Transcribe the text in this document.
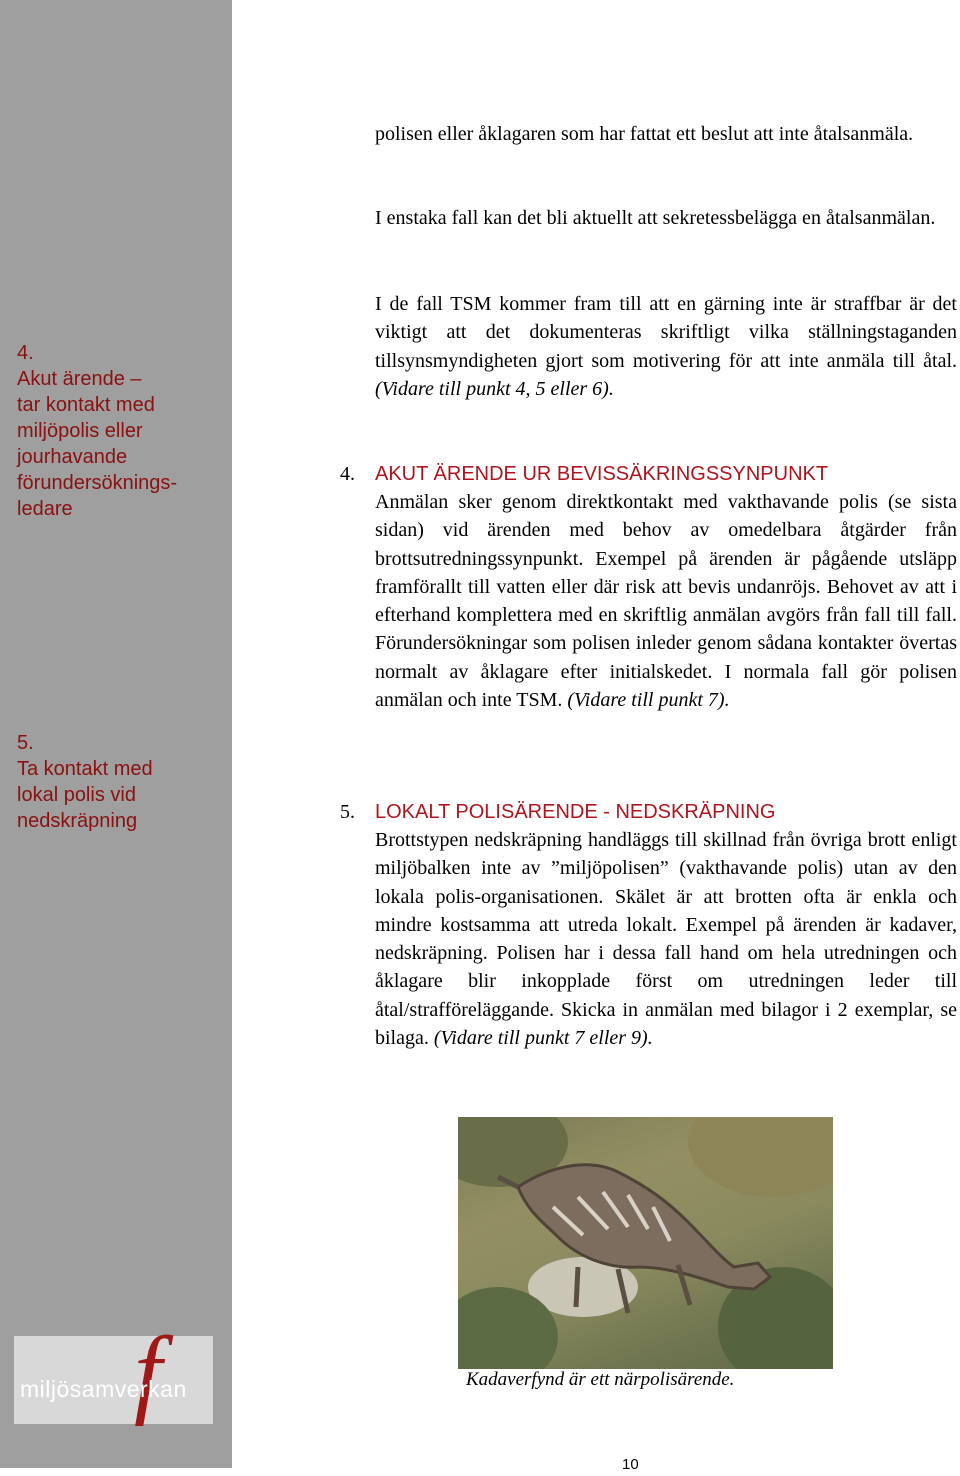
4.
Akut ärende –
tar kontakt med
miljöpolis eller
jourhavande
förundersöknings-
ledare
5.
Ta kontakt med
lokal polis vid
nedskräpning
f
miljösamverkan

polisen eller åklagaren som har fattat ett beslut att inte åtalsanmäla.

I enstaka fall kan det bli aktuellt att sekretessbelägga en åtalsanmälan.

I de fall TSM kommer fram till att en gärning inte är straffbar är det viktigt att det dokumenteras skriftligt vilka ställningstaganden tillsynsmyndigheten gjort som motivering för att inte anmäla till åtal. (Vidare till punkt 4, 5 eller 6).

4. AKUT ÄRENDE UR BEVISSÄKRINGSSYNPUNKT

Anmälan sker genom direktkontakt med vakthavande polis (se sista sidan) vid ärenden med behov av omedelbara åtgärder från brottsutredningssynpunkt. Exempel på ärenden är pågående utsläpp framförallt till vatten eller där risk att bevis undanröjs. Behovet av att i efterhand komplettera med en skriftlig anmälan avgörs från fall till fall. Förundersökningar som polisen inleder genom sådana kontakter övertas normalt av åklagare efter initialskedet. I normala fall gör polisen anmälan och inte TSM. (Vidare till punkt 7).

5. LOKALT POLISÄRENDE - NEDSKRÄPNING

Brottstypen nedskräpning handläggs till skillnad från övriga brott enligt miljöbalken inte av ”miljöpolisen” (vakthavande polis) utan av den lokala polis-organisationen. Skälet är att brotten ofta är enkla och mindre kostsamma att utreda lokalt. Exempel på ärenden är kadaver, nedskräpning. Polisen har i dessa fall hand om hela utredningen och åklagare blir inkopplade först om utredningen leder till åtal/strafföreläggande. Skicka in anmälan med bilagor i 2 exemplar, se bilaga. (Vidare till punkt 7 eller 9).

Kadaverfynd är ett närpolisärende.
10
